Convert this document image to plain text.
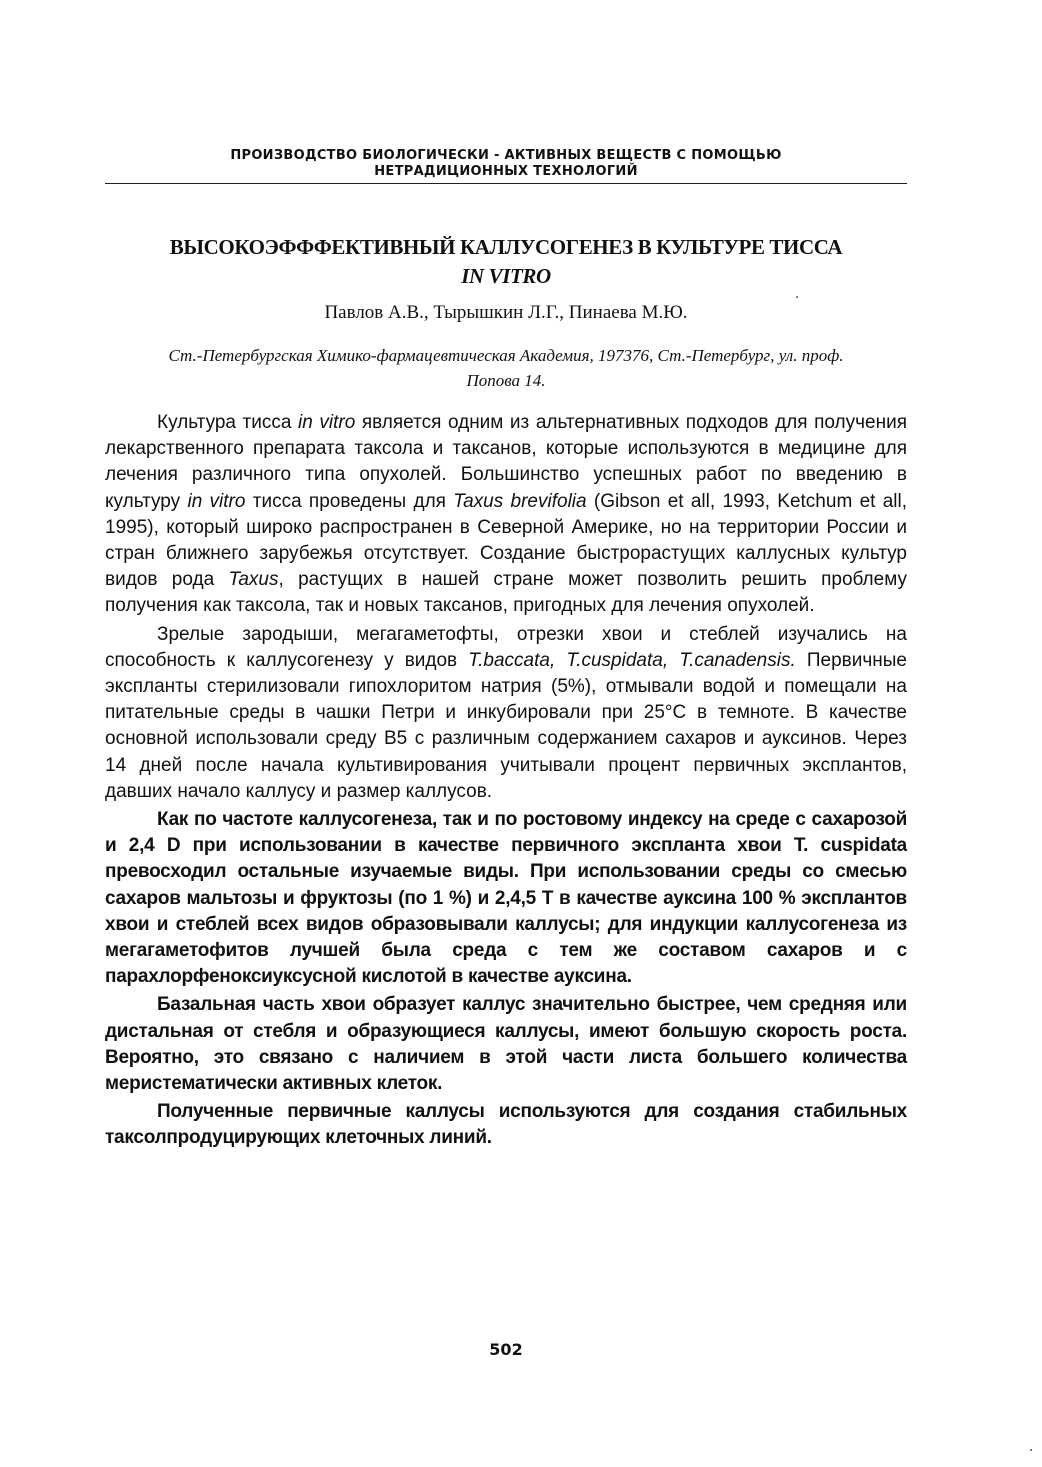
ПРОИЗВОДСТВО БИОЛОГИЧЕСКИ - АКТИВНЫХ ВЕЩЕСТВ С ПОМОЩЬЮ
НЕТРАДИЦИОННЫХ ТЕХНОЛОГИЙ
ВЫСОКОЭФФФЕКТИВНЫЙ КАЛЛУСОГЕНЕЗ В КУЛЬТУРЕ ТИССА
IN VITRO
Павлов А.В., Тырышкин Л.Г., Пинаева М.Ю.
Ст.-Петербургская Химико-фармацевтическая Академия, 197376, Ст.-Петербург, ул. проф. Попова 14.

Культура тисса in vitro является одним из альтернативных подходов для получения лекарственного препарата таксола и таксанов, которые используются в медицине для лечения различного типа опухолей. Большинство успешных работ по введению в культуру in vitro тисса проведены для Taxus brevifolia (Gibson et all, 1993, Ketchum et all, 1995), который широко распространен в Северной Америке, но на территории России и стран ближнего зарубежья отсутствует. Создание быстрорастущих каллусных культур видов рода Taxus, растущих в нашей стране может позволить решить проблему получения как таксола, так и новых таксанов, пригодных для лечения опухолей.

Зрелые зародыши, мегагаметофты, отрезки хвои и стеблей изучались на способность к каллусогенезу у видов T.baccata, T.cuspidata, T.canadensis. Первичные экспланты стерилизовали гипохлоритом натрия (5%), отмывали водой и помещали на питательные среды в чашки Петри и инкубировали при 25°С в темноте. В качестве основной использовали среду В5 с различным содержанием сахаров и ауксинов. Через 14 дней после начала культивирования учитывали процент первичных эксплантов, давших начало каллусу и размер каллусов.

Как по частоте каллусогенеза, так и по ростовому индексу на среде с сахарозой и 2,4 D при использовании в качестве первичного экспланта хвои T. cuspidata превосходил остальные изучаемые виды. При использовании среды со смесью сахаров мальтозы и фруктозы (по 1 %) и 2,4,5 T в качестве ауксина 100 % эксплантов хвои и стеблей всех видов образовывали каллусы; для индукции каллусогенеза из мегагаметофитов лучшей была среда с тем же составом сахаров и с парахлорфеноксиуксусной кислотой в качестве ауксина.

Базальная часть хвои образует каллус значительно быстрее, чем средняя или дистальная от стебля и образующиеся каллусы, имеют большую скорость роста. Вероятно, это связано с наличием в этой части листа большего количества меристематически активных клеток.

Полученные первичные каллусы используются для создания стабильных таксолпродуцирующих клеточных линий.

502
